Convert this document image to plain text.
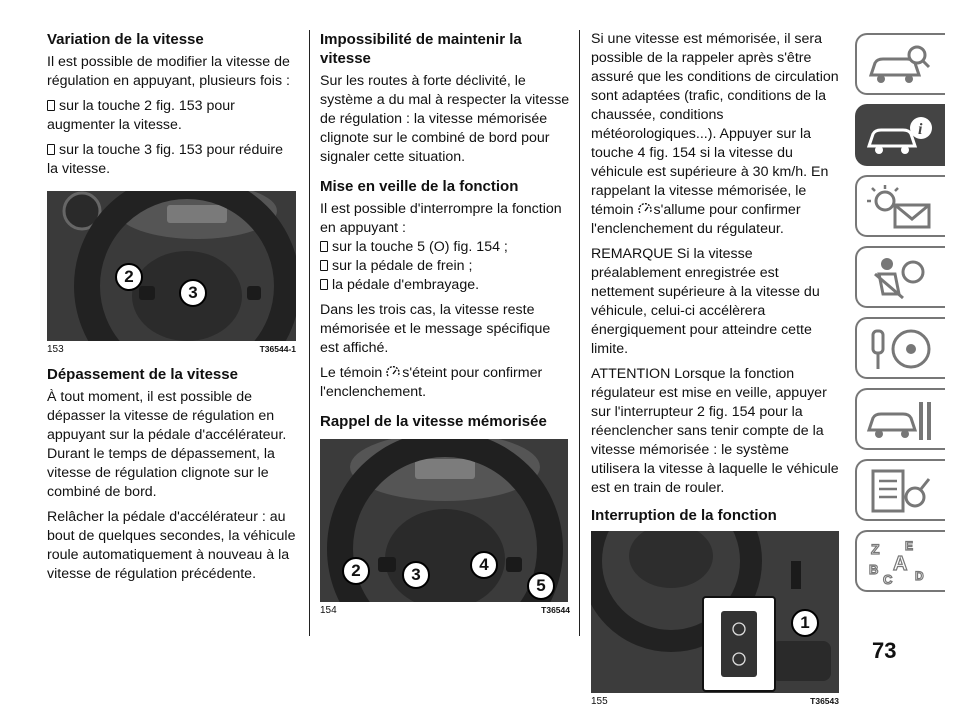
Variation de la vitesse

Il est possible de modifier la vitesse de régulation en appuyant, plusieurs fois :

sur la touche 2 fig. 153 pour

augmenter la vitesse.

sur la touche 3 fig. 153 pour réduire

la vitesse.

2
3
153	T36544-1
Dépassement de la vitesse

À tout moment, il est possible de dépasser la vitesse de régulation en appuyant sur la pédale d'accélérateur. Durant le temps de dépassement, la vitesse de régulation clignote sur le combiné de bord.

Relâcher la pédale d'accélérateur : au bout de quelques secondes, la véhicule roule automatiquement à nouveau à la vitesse de régulation précédente.

Impossibilité de maintenir la vitesse

Sur les routes à forte déclivité, le système a du mal à respecter la vitesse de régulation : la vitesse mémorisée clignote sur le combiné de bord pour signaler cette situation.

Mise en veille de la fonction

Il est possible d'interrompre la fonction en appuyant :

sur la touche 5 (O) fig. 154 ;

sur la pédale de frein ;

la pédale d'embrayage.

Dans les trois cas, la vitesse reste mémorisée et le message spécifique est affiché.

Le témoin s'éteint pour confirmer l'enclenchement.

Rappel de la vitesse mémorisée
2	3
4
5
154	T36544

Si une vitesse est mémorisée, il sera possible de la rappeler après s'être assuré que les conditions de circulation sont adaptées (trafic, conditions de la chaussée, conditions météorologiques...). Appuyer sur la touche 4 fig. 154 si la vitesse du véhicule est supérieure à 30 km/h. En rappelant la vitesse mémorisée, le témoin s'allume pour confirmer l'enclenchement du régulateur.

REMARQUE Si la vitesse préalablement enregistrée est nettement supérieure à la vitesse du véhicule, celui-ci accélèrera énergiquement pour atteindre cette limite.

ATTENTION Lorsque la fonction régulateur est mise en veille, appuyer sur l'interrupteur 2 fig. 154 pour la réenclencher sans tenir compte de la vitesse mémorisée : le système utilisera la vitesse à laquelle le véhicule est en train de rouler.

Interruption de la fonction
1
155	T36543
i
Z E
B A
C D
73
